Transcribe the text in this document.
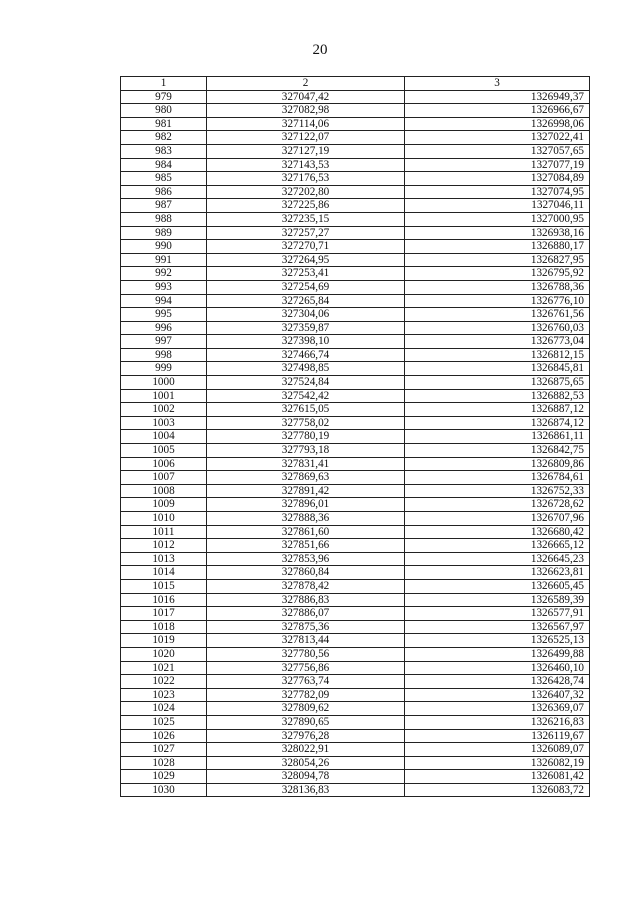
20
1	2	3
979	327047,42	1326949,37
980	327082,98	1326966,67
981	327114,06	1326998,06
982	327122,07	1327022,41
983	327127,19	1327057,65
984	327143,53	1327077,19
985	327176,53	1327084,89
986	327202,80	1327074,95
987	327225,86	1327046,11
988	327235,15	1327000,95
989	327257,27	1326938,16
990	327270,71	1326880,17
991	327264,95	1326827,95
992	327253,41	1326795,92
993	327254,69	1326788,36
994	327265,84	1326776,10
995	327304,06	1326761,56
996	327359,87	1326760,03
997	327398,10	1326773,04
998	327466,74	1326812,15
999	327498,85	1326845,81
1000	327524,84	1326875,65
1001	327542,42	1326882,53
1002	327615,05	1326887,12
1003	327758,02	1326874,12
1004	327780,19	1326861,11
1005	327793,18	1326842,75
1006	327831,41	1326809,86
1007	327869,63	1326784,61
1008	327891,42	1326752,33
1009	327896,01	1326728,62
1010	327888,36	1326707,96
1011	327861,60	1326680,42
1012	327851,66	1326665,12
1013	327853,96	1326645,23
1014	327860,84	1326623,81
1015	327878,42	1326605,45
1016	327886,83	1326589,39
1017	327886,07	1326577,91
1018	327875,36	1326567,97
1019	327813,44	1326525,13
1020	327780,56	1326499,88
1021	327756,86	1326460,10
1022	327763,74	1326428,74
1023	327782,09	1326407,32
1024	327809,62	1326369,07
1025	327890,65	1326216,83
1026	327976,28	1326119,67
1027	328022,91	1326089,07
1028	328054,26	1326082,19
1029	328094,78	1326081,42
1030	328136,83	1326083,72
